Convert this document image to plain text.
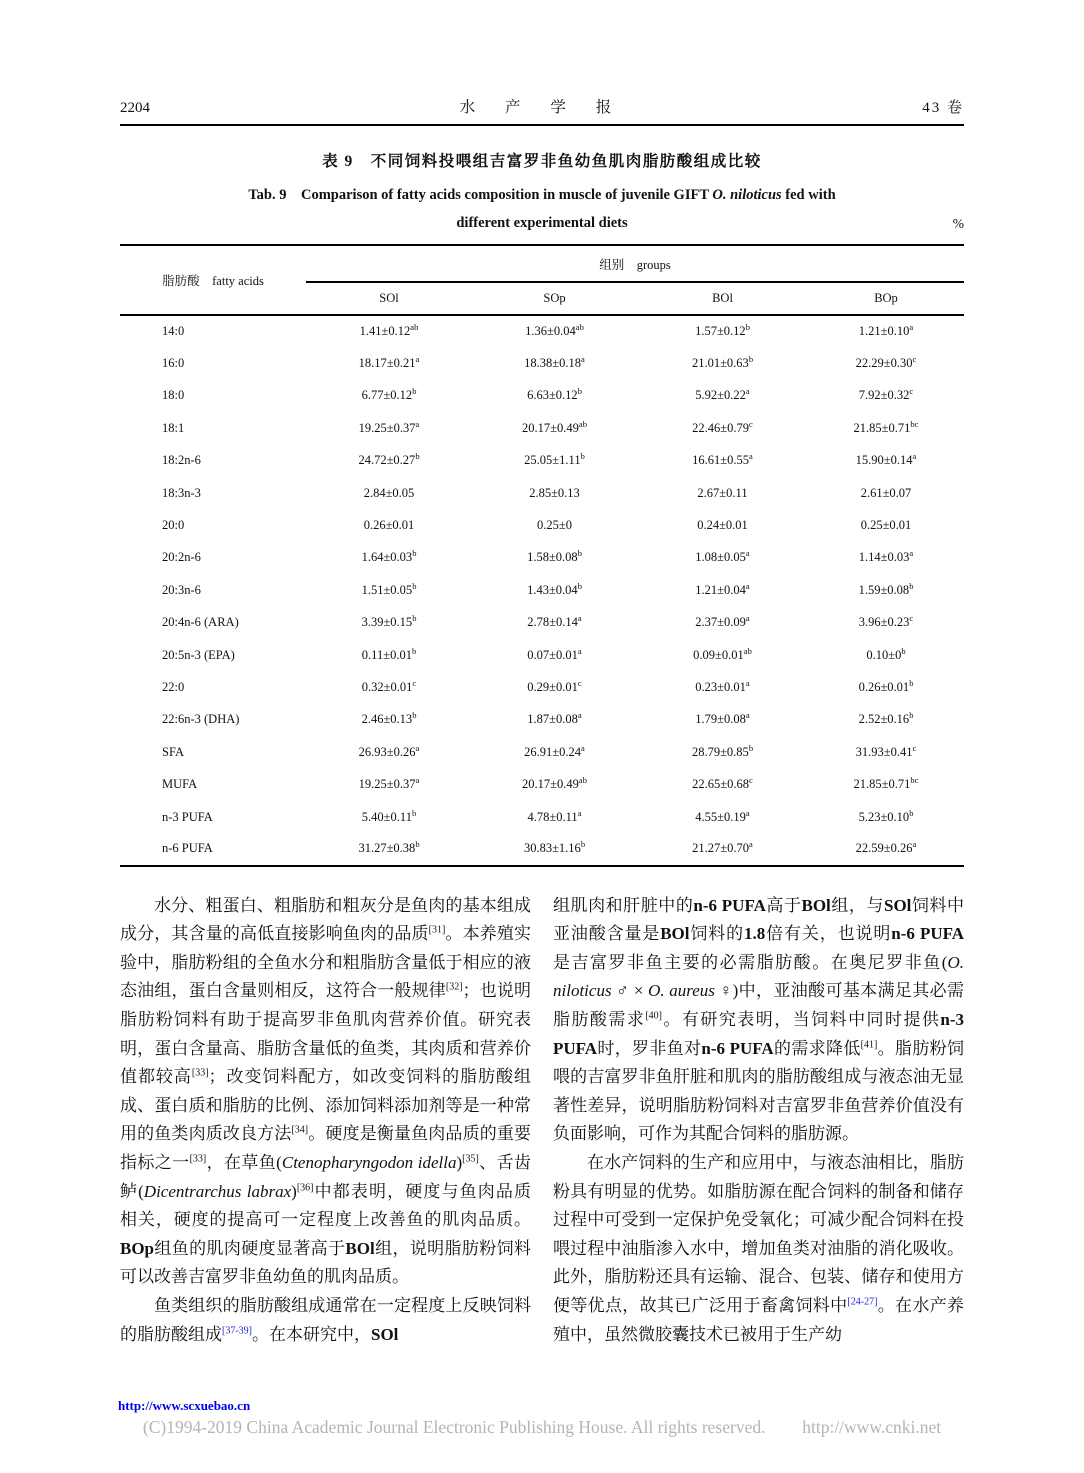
2204	水 产 学 报	43 卷
表 9　不同饲料投喂组吉富罗非鱼幼鱼肌肉脂肪酸组成比较
Tab. 9　Comparison of fatty acids composition in muscle of juvenile GIFT O. niloticus fed with
different experimental diets	%
脂肪酸　fatty acids	组别　groups			
	SOl	SOp	BOl	BOp
14:0	1.41±0.12$^{ab}$	1.36±0.04$^{ab}$	1.57±0.12$^b$	1.21±0.10$^a$
16:0	18.17±0.21$^a$	18.38±0.18$^a$	21.01±0.63$^b$	22.29±0.30$^c$
18:0	6.77±0.12$^b$	6.63±0.12$^b$	5.92±0.22$^a$	7.92±0.32$^c$
18:1	19.25±0.37$^a$	20.17±0.49$^{ab}$	22.46±0.79$^c$	21.85±0.71$^{bc}$
18:2n-6	24.72±0.27$^b$	25.05±1.11$^b$	16.61±0.55$^a$	15.90±0.14$^a$
18:3n-3	2.84±0.05	2.85±0.13	2.67±0.11	2.61±0.07
20:0	0.26±0.01	0.25±0	0.24±0.01	0.25±0.01
20:2n-6	1.64±0.03$^b$	1.58±0.08$^b$	1.08±0.05$^a$	1.14±0.03$^a$
20:3n-6	1.51±0.05$^b$	1.43±0.04$^b$	1.21±0.04$^a$	1.59±0.08$^b$
20:4n-6 (ARA)	3.39±0.15$^b$	2.78±0.14$^a$	2.37±0.09$^a$	3.96±0.23$^c$
20:5n-3 (EPA)	0.11±0.01$^b$	0.07±0.01$^a$	0.09±0.01$^{ab}$	$0.10\pm 0^b$
22:0	0.32±0.01$^c$	0.29±0.01$^c$	0.23±0.01$^a$	0.26±0.01$^b$
22:6n-3 (DHA)	2.46±0.13$^b$	1.87±0.08$^a$	1.79±0.08$^a$	2.52±0.16$^b$
SFA	26.93±0.26$^a$	26.91±0.24$^a$	28.79±0.85$^b$	31.93±0.41$^c$
MUFA	19.25±0.37$^a$	20.17±0.49$^{ab}$	22.65±0.68$^c$	21.85±0.71$^{bc}$
n-3 PUFA	5.40±0.11$^b$	4.78±0.11$^a$	4.55±0.19$^a$	5.23±0.10$^b$
n-6 PUFA	31.27±0.38$^b$	30.83±1.16$^b$	21.27±0.70$^a$	22.59±0.26$^a$

水分、粗蛋白、粗脂肪和粗灰分是鱼肉的基本组成成分，其含量的高低直接影响鱼肉的品质[31]。本养殖实验中，脂肪粉组的全鱼水分和粗脂肪含量低于相应的液态油组，蛋白含量则相反，这符合一般规律[32]；也说明脂肪粉饲料有助于提高罗非鱼肌肉营养价值。研究表明，蛋白含量高、脂肪含量低的鱼类，其肉质和营养价值都较高[33]；改变饲料配方，如改变饲料的脂肪酸组成、蛋白质和脂肪的比例、添加饲料添加剂等是一种常用的鱼类肉质改良方法[34]。硬度是衡量鱼肉品质的重要指标之一[33]，在草鱼(Ctenopharyngodon idella)[35]、舌齿鲈(Dicentrarchus labrax)[36]中都表明，硬度与鱼肉品质相关，硬度的提高可一定程度上改善鱼的肌肉品质。BOp组鱼的肌肉硬度显著高于BOl组，说明脂肪粉饲料可以改善吉富罗非鱼幼鱼的肌肉品质。

鱼类组织的脂肪酸组成通常在一定程度上反映饲料的脂肪酸组成[37-39]。在本研究中，SOl

组肌肉和肝脏中的n-6 PUFA高于BOl组，与SOl饲料中亚油酸含量是BOl饲料的1.8倍有关，也说明n-6 PUFA是吉富罗非鱼主要的必需脂肪酸。在奥尼罗非鱼(O. niloticus ♂ × O. aureus ♀)中，亚油酸可基本满足其必需脂肪酸需求[40]。有研究表明，当饲料中同时提供n-3 PUFA时，罗非鱼对n-6 PUFA的需求降低[41]。脂肪粉饲喂的吉富罗非鱼肝脏和肌肉的脂肪酸组成与液态油无显著性差异，说明脂肪粉饲料对吉富罗非鱼营养价值没有负面影响，可作为其配合饲料的脂肪源。

在水产饲料的生产和应用中，与液态油相比，脂肪粉具有明显的优势。如脂肪源在配合饲料的制备和储存过程中可受到一定保护免受氧化；可减少配合饲料在投喂过程中油脂渗入水中，增加鱼类对油脂的消化吸收。此外，脂肪粉还具有运输、混合、包装、储存和使用方便等优点，故其已广泛用于畜禽饲料中[24-27]。在水产养殖中，虽然微胶囊技术已被用于生产幼

http://www.scxuebao.cn
(C)1994-2019 China Academic Journal Electronic Publishing House. All rights reserved. http://www.cnki.net
